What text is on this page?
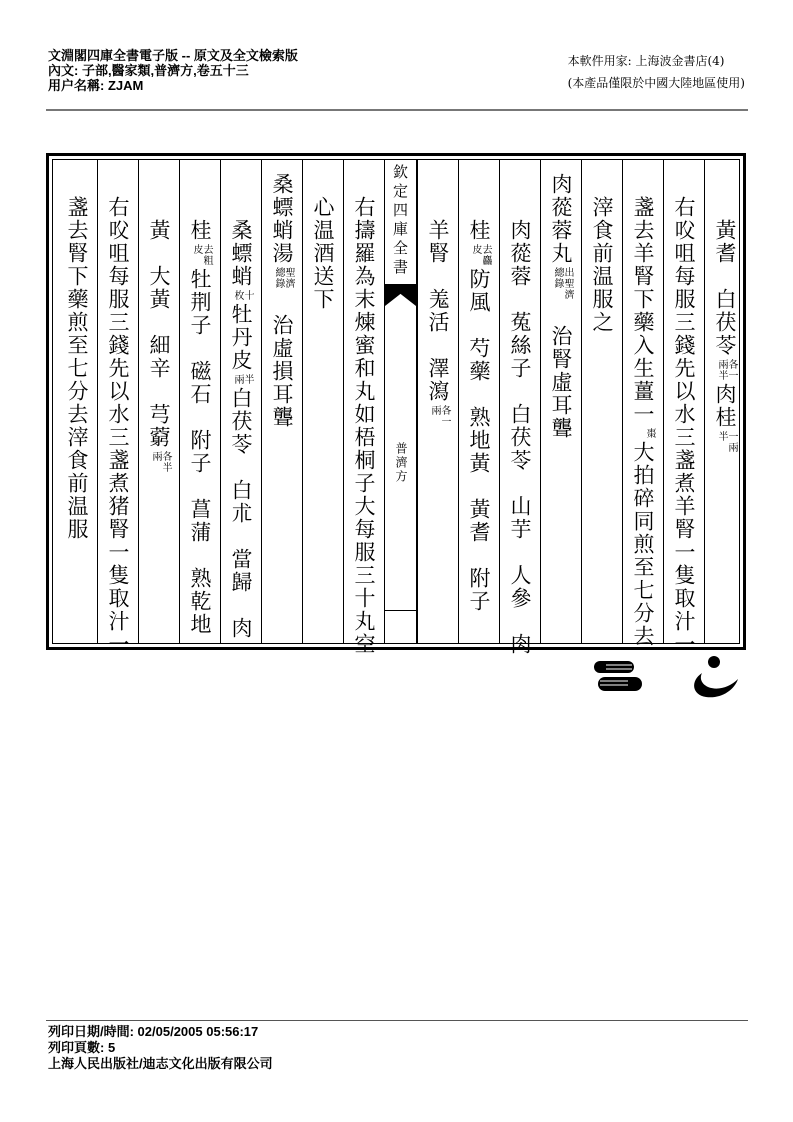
文淵閣四庫全書電子版 -- 原文及全文檢索版
內文: 子部,醫家類,普濟方,卷五十三
用户名稱: ZJAM
本軟件用家: 上海波金書店(4)
(本產品僅限於中國大陸地區使用)
欽定四庫全書
普濟方
黃耆　白茯苓各一兩半肉桂一兩半
右㕮咀每服三錢先以水三盞煮羊腎一隻取汁一
盞去羊腎下藥入生薑一棗大拍碎同煎至七分去
滓食前温服之
肉蓯蓉丸出聖濟總錄　治腎虛耳聾
肉蓯蓉　菟絲子　白茯苓　山芋　人參　肉
桂去麤皮防風　芍藥　熟地黃　黃耆　附子
羊腎　羗活　澤瀉各一兩
右擣羅為末煉蜜和丸如梧桐子大每服三十丸空
心温酒送下
桑螵蛸湯聖濟總錄　治虛損耳聾
桑螵蛸十枚牡丹皮半兩白茯苓　白朮　當歸　肉
桂去粗皮牡荆子　磁石　附子　菖蒲　熟乾地
黃　大黃　細辛　芎藭各半兩
右㕮咀每服三錢先以水三盞煮猪腎一隻取汁一
盞去腎下藥煎至七分去滓食前温服
列印日期/時間: 02/05/2005 05:56:17
列印頁數: 5
上海人民出版社/迪志文化出版有限公司
